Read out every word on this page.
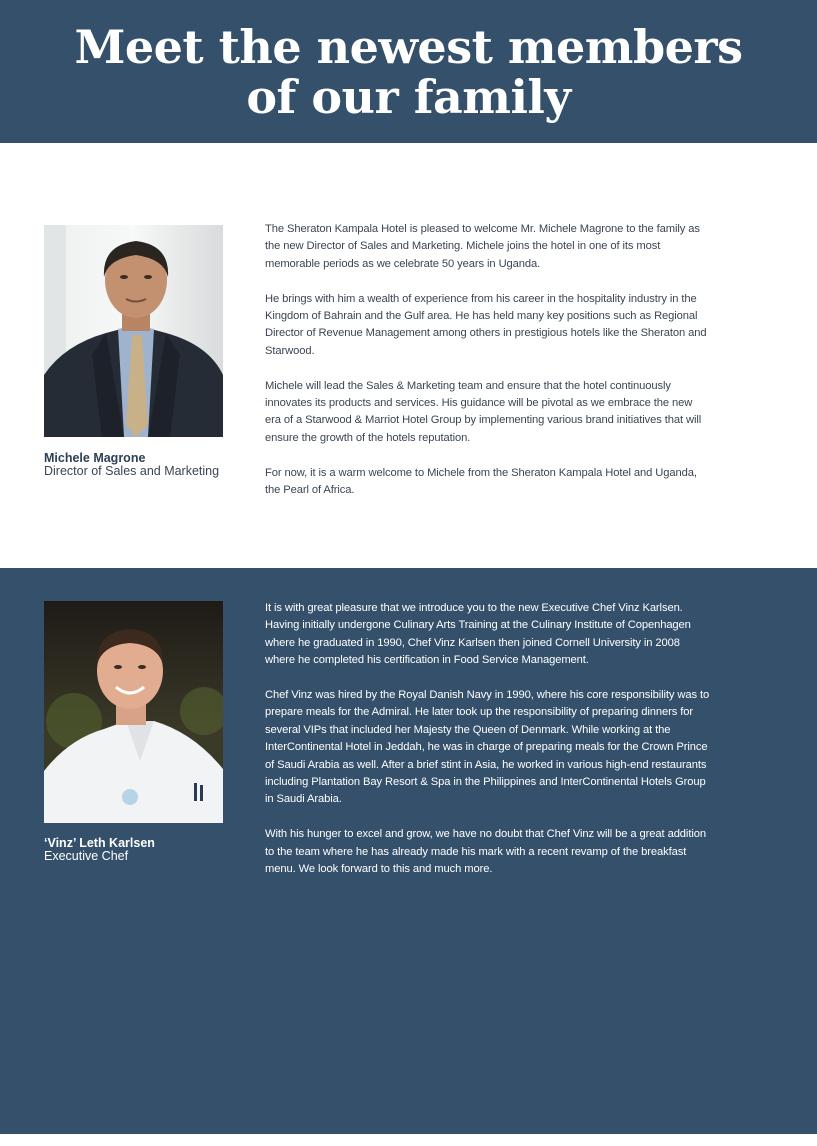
Meet the newest members
of our family
Michele Magrone
Director of Sales and Marketing

The Sheraton Kampala Hotel is pleased to welcome Mr. Michele Magrone to the family as the new Director of Sales and Marketing. Michele joins the hotel in one of its most memorable periods as we celebrate 50 years in Uganda.

He brings with him a wealth of experience from his career in the hospitality industry in the Kingdom of Bahrain and the Gulf area. He has held many key positions such as Regional Director of Revenue Management among others in prestigious hotels like the Sheraton and Starwood.

Michele will lead the Sales & Marketing team and ensure that the hotel continuously innovates its products and services. His guidance will be pivotal as we embrace the new era of a Starwood & Marriot Hotel Group by implementing various brand initiatives that will ensure the growth of the hotels reputation.

For now, it is a warm welcome to Michele from the Sheraton Kampala Hotel and Uganda, the Pearl of Africa.

‘Vinz’ Leth Karlsen
Executive Chef

It is with great pleasure that we introduce you to the new Executive Chef Vinz Karlsen. Having initially undergone Culinary Arts Training at the Culinary Institute of Copenhagen where he graduated in 1990, Chef Vinz Karlsen then joined Cornell University in 2008 where he completed his certification in Food Service Management.

Chef Vinz was hired by the Royal Danish Navy in 1990, where his core responsibility was to prepare meals for the Admiral. He later took up the responsibility of preparing dinners for several VIPs that included her Majesty the Queen of Denmark. While working at the InterContinental Hotel in Jeddah, he was in charge of preparing meals for the Crown Prince of Saudi Arabia as well. After a brief stint in Asia, he worked in various high-end restaurants including Plantation Bay Resort & Spa in the Philippines and InterContinental Hotels Group in Saudi Arabia.

With his hunger to excel and grow, we have no doubt that Chef Vinz will be a great addition to the team where he has already made his mark with a recent revamp of the breakfast menu. We look forward to this and much more.
